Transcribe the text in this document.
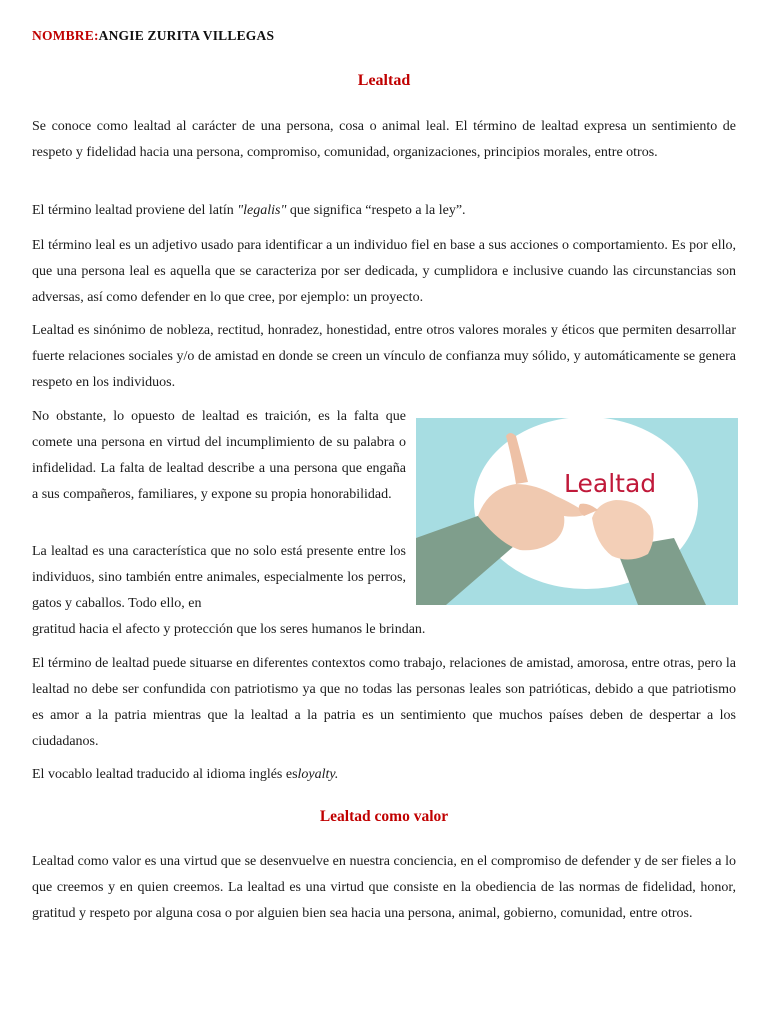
NOMBRE:ANGIE ZURITA VILLEGAS
Lealtad

Se conoce como lealtad al carácter de una persona, cosa o animal leal. El término de lealtad expresa un sentimiento de respeto y fidelidad hacia una persona, compromiso, comunidad, organizaciones, principios morales, entre otros.

El término lealtad proviene del latín "legalis" que significa “respeto a la ley”.

El término leal es un adjetivo usado para identificar a un individuo fiel en base a sus acciones o comportamiento. Es por ello, que una persona leal es aquella que se caracteriza por ser dedicada, y cumplidora e inclusive cuando las circunstancias son adversas, así como defender en lo que cree, por ejemplo: un proyecto.

Lealtad es sinónimo de nobleza, rectitud, honradez, honestidad, entre otros valores morales y éticos que permiten desarrollar fuerte relaciones sociales y/o de amistad en donde se creen un vínculo de confianza muy sólido, y automáticamente se genera respeto en los individuos.

No obstante, lo opuesto de lealtad es traición, es la falta que comete una persona en virtud del incumplimiento de su palabra o infidelidad. La falta de lealtad describe a una persona que engaña a sus compañeros, familiares, y expone su propia honorabilidad.

La lealtad es una característica que no solo está presente entre los individuos, sino también entre animales, especialmente los perros, gatos y caballos. Todo ello, en

gratitud hacia el afecto y protección que los seres humanos le brindan.

El término de lealtad puede situarse en diferentes contextos como trabajo, relaciones de amistad, amorosa, entre otras, pero la lealtad no debe ser confundida con patriotismo ya que no todas las personas leales son patrióticas, debido a que patriotismo es amor a la patria mientras que la lealtad a la patria es un sentimiento que muchos países deben de despertar a los ciudadanos.

El vocablo lealtad traducido al idioma inglés esloyalty.

Lealtad como valor

Lealtad como valor es una virtud que se desenvuelve en nuestra conciencia, en el compromiso de defender y de ser fieles a lo que creemos y en quien creemos. La lealtad es una virtud que consiste en la obediencia de las normas de fidelidad, honor, gratitud y respeto por alguna cosa o por alguien bien sea hacia una persona, animal, gobierno, comunidad, entre otros.

Lealtad
